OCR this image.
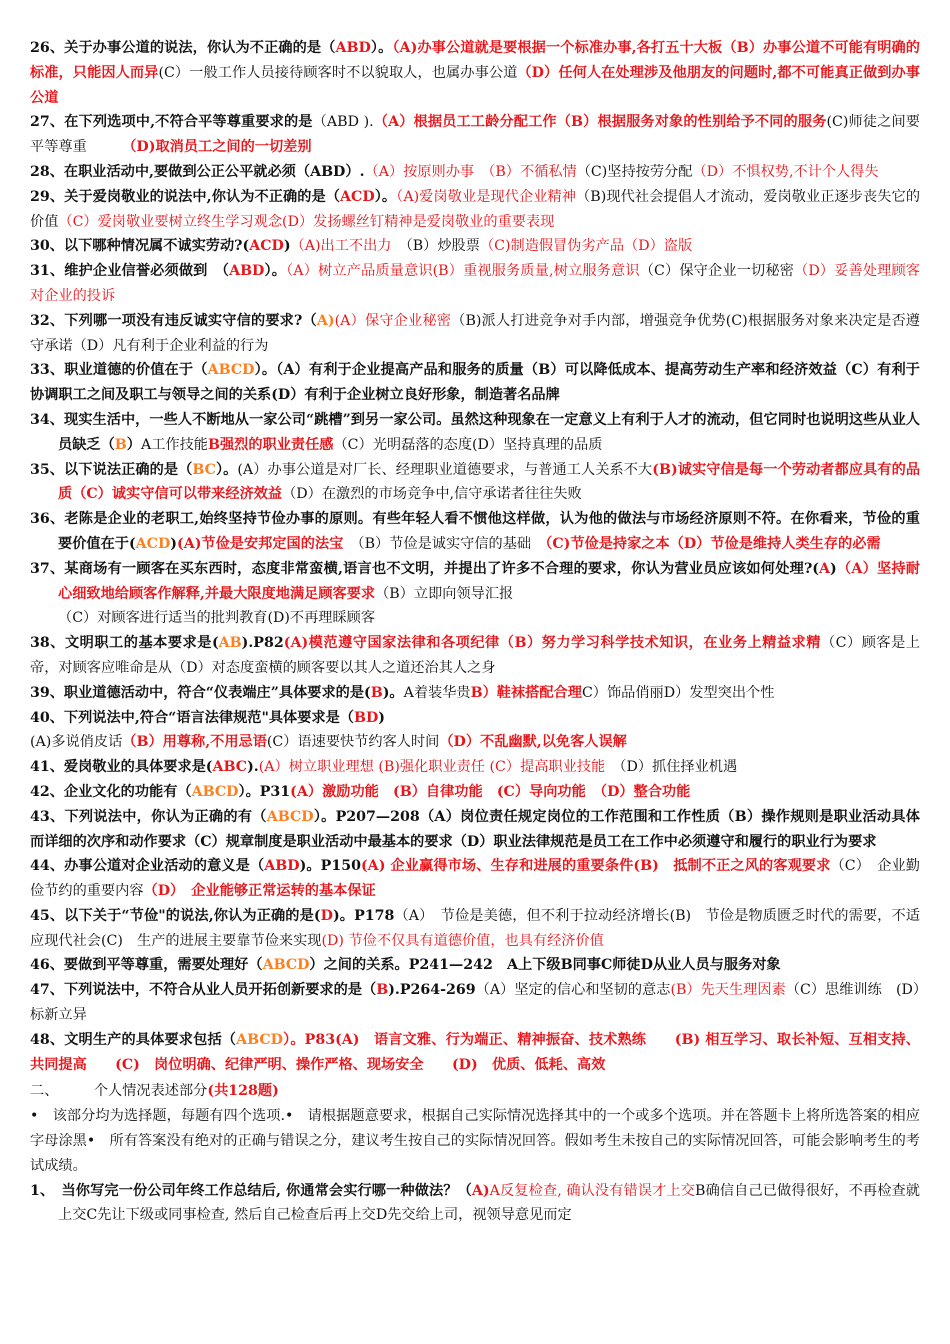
26、关于办事公道的说法，你认为不正确的是（ABD）。（A)办事公道就是要根据一个标准办事,各打五十大板（B）办事公道不可能有明确的标准，只能因人而异(C）一般工作人员接待顾客时不以貌取人，也属办事公道（D）任何人在处理涉及他朋友的问题时,都不可能真正做到办事公道

27、在下列选项中,不符合平等尊重要求的是（ABD ).（A）根据员工工龄分配工作（B）根据服务对象的性别给予不同的服务(C)师徒之间要平等尊重　　　	（D)取消员工之间的一切差别

28、在职业活动中,要做到公正公平就必须（ABD）.（A）按原则办事　（B）不循私情（C)坚持按劳分配（D）不惧权势,不计个人得失

29、关于爱岗敬业的说法中,你认为不正确的是（ACD）。（A)爱岗敬业是现代企业精神（B)现代社会提倡人才流动，爱岗敬业正逐步丧失它的价值（C）爱岗敬业要树立终生学习观念(D）发扬螺丝钉精神是爱岗敬业的重要表现

30、以下哪种情况属不诚实劳动?(ACD)（A)出工不出力　 （B）炒股票（C)制造假冒伪劣产品（D）盗版

31、维护企业信誉必须做到　（ABD）。（A）树立产品质量意识(B）重视服务质量,树立服务意识（C）保守企业一切秘密（D）妥善处理顾客对企业的投诉

32、下列哪一项没有违反诚实守信的要求?（A)(A）保守企业秘密（B)派人打进竞争对手内部，增强竞争优势(C)根据服务对象来决定是否遵守承诺（D）凡有利于企业利益的行为

33、职业道德的价值在于（ABCD）。（A）有利于企业提高产品和服务的质量（B）可以降低成本、提高劳动生产率和经济效益（C）有利于协调职工之间及职工与领导之间的关系(D）有利于企业树立良好形象，制造著名品牌

34、现实生活中，一些人不断地从一家公司“跳槽”到另一家公司。虽然这种现象在一定意义上有利于人才的流动，但它同时也说明这些从业人员缺乏（B）A工作技能B强烈的职业责任感（C）光明磊落的态度(D）坚持真理的品质

35、以下说法正确的是（BC）。(A）办事公道是对厂长、经理职业道德要求，与普通工人关系不大(B)诚实守信是每一个劳动者都应具有的品质（C）诚实守信可以带来经济效益（D）在激烈的市场竞争中,信守承诺者往往失败

36、老陈是企业的老职工,始终坚持节俭办事的原则。有些年轻人看不惯他这样做，认为他的做法与市场经济原则不符。在你看来，节俭的重要价值在于(ACD)(A)节俭是安邦定国的法宝　 （B）节俭是诚实守信的基础　 （C)节俭是持家之本（D）节俭是维持人类生存的必需

37、某商场有一顾客在买东西时，态度非常蛮横,语言也不文明，并提出了许多不合理的要求，你认为营业员应该如何处理?(A)（A）坚持耐心细致地给顾客作解释,并最大限度地满足顾客要求（B）立即向领导汇报
（C）对顾客进行适当的批判教育(D)不再理睬顾客

38、文明职工的基本要求是(AB).P82(A)模范遵守国家法律和各项纪律（B）努力学习科学技术知识，在业务上精益求精（C）顾客是上帝，对顾客应唯命是从（D）对态度蛮横的顾客要以其人之道还治其人之身

39、职业道德活动中，符合“仪表端庄”具体要求的是(B)。A着装华贵B）鞋袜搭配合理C）饰品俏丽D）发型突出个性

40、下列说法中,符合“语言法律规范"具体要求是（BD)
(A)多说俏皮话（B）用尊称,不用忌语(C）语速要快节约客人时间（D）不乱幽默,以免客人误解

41、爱岗敬业的具体要求是(ABC).(A）树立职业理想 (B)强化职业责任 (C）提高职业技能　 （D）抓住择业机遇

42、企业文化的功能有（ABCD）。P31(A）激励功能　(B）自律功能　(C）导向功能　（D）整合功能

43、下列说法中，你认为正确的有（ABCD）。P207—208（A）岗位责任规定岗位的工作范围和工作性质（B）操作规则是职业活动具体而详细的次序和动作要求（C）规章制度是职业活动中最基本的要求（D）职业法律规范是员工在工作中必须遵守和履行的职业行为要求

44、办事公道对企业活动的意义是（ABD)。P150(A) 企业赢得市场、生存和进展的重要条件(B)　抵制不正之风的客观要求（C）　企业勤俭节约的重要内容（D）　企业能够正常运转的基本保证

45、以下关于“节俭"的说法,你认为正确的是(D)。P178（A）　节俭是美德，但不利于拉动经济增长(B)　节俭是物质匮乏时代的需要，不适应现代社会(C)　生产的进展主要靠节俭来实现(D) 节俭不仅具有道德价值，也具有经济价值

46、要做到平等尊重，需要处理好（ABCD）之间的关系。P241—242　A上下级B同事C师徒D从业人员与服务对象

47、下列说法中，不符合从业人员开拓创新要求的是（B).P264-269（A）坚定的信心和坚韧的意志(B）先天生理因素（C）思维训练　(D）标新立异

48、文明生产的具体要求包括（ABCD）。P83(A)　语言文雅、行为端正、精神振奋、技术熟练　　(B) 相互学习、取长补短、互相支持、共同提高　　(C)　岗位明确、纪律严明、操作严格、现场安全　　(D)　优质、低耗、高效

二、　　　	个人情况表述部分(共128题)

•　该部分均为选择题，每题有四个选项.•　请根据题意要求，根据自己实际情况选择其中的一个或多个选项。并在答题卡上将所选答案的相应字母涂黑•　所有答案没有绝对的正确与错误之分，建议考生按自己的实际情况回答。假如考生未按自己的实际情况回答，可能会影响考生的考试成绩。

1、　当你写完一份公司年终工作总结后, 你通常会实行哪一种做法？（A)A反复检查, 确认没有错误才上交B确信自己已做得很好，不再检查就上交C先让下级或同事检查, 然后自己检查后再上交D先交给上司，视领导意见而定
